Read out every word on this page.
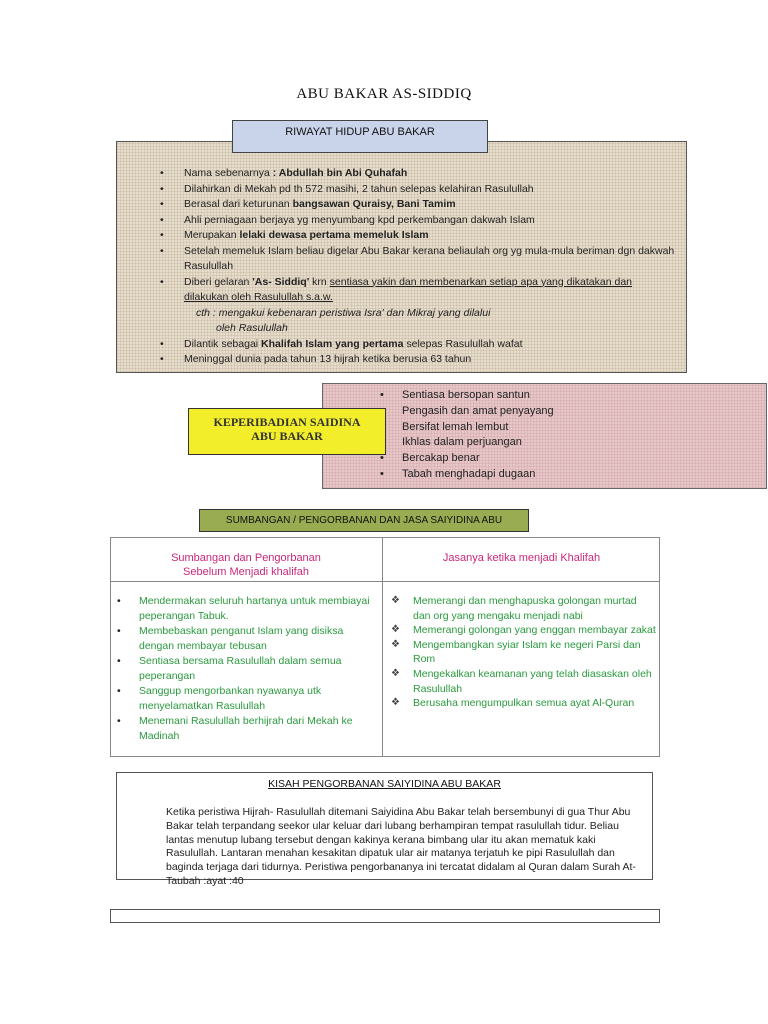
ABU BAKAR AS-SIDDIQ
RIWAYAT HIDUP ABU BAKAR
• Nama sebenarnya : Abdullah bin Abi Quhafah
• Dilahirkan di Mekah pd th 572 masihi, 2 tahun selepas kelahiran Rasulullah
• Berasal dari keturunan bangsawan Quraisy, Bani Tamim
• Ahli perniagaan berjaya yg menyumbang kpd perkembangan dakwah Islam
• Merupakan lelaki dewasa pertama memeluk Islam
• Setelah memeluk Islam beliau digelar Abu Bakar kerana beliaulah org yg mula-mula beriman dgn dakwah Rasulullah
• Diberi gelaran 'As- Siddiq' krn sentiasa yakin dan membenarkan setiap apa yang dikatakan dan
dilakukan oleh Rasulullah s.a.w.
cth : mengakui kebenaran peristiwa Isra' dan Mikraj yang dilalui
oleh Rasulullah
• Dilantik sebagai Khalifah Islam yang pertama selepas Rasulullah wafat
• Meninggal dunia pada tahun 13 hijrah ketika berusia 63 tahun
• Sentiasa bersopan santun
• Pengasih dan amat penyayang
• Bersifat lemah lembut
• Ikhlas dalam perjuangan
• Bercakap benar
• Tabah menghadapi dugaan
KEPERIBADIAN SAIDINA
ABU BAKAR
SUMBANGAN / PENGORBANAN DAN JASA SAIYIDINA ABU
Sumbangan dan Pengorbanan
Sebelum Menjadi khalifah
Jasanya ketika menjadi Khalifah
• Mendermakan seluruh hartanya untuk membiayai peperangan Tabuk.
• Membebaskan penganut Islam yang disiksa dengan membayar tebusan
• Sentiasa bersama Rasulullah dalam semua peperangan
• Sanggup mengorbankan nyawanya utk menyelamatkan Rasulullah
• Menemani Rasulullah berhijrah dari Mekah ke Madinah
❖ Memerangi dan menghapuska golongan murtad dan org yang mengaku menjadi nabi
❖ Memerangi golongan yang enggan membayar zakat
❖ Mengembangkan syiar Islam ke negeri Parsi dan Rom
❖ Mengekalkan keamanan yang telah diasaskan oleh Rasulullah
❖ Berusaha mengumpulkan semua ayat Al-Quran
KISAH PENGORBANAN SAIYIDINA ABU BAKAR
Ketika peristiwa Hijrah- Rasulullah ditemani Saiyidina Abu Bakar telah bersembunyi di gua Thur Abu Bakar telah terpandang seekor ular keluar dari lubang berhampiran tempat rasulullah tidur. Beliau lantas menutup lubang tersebut dengan kakinya kerana bimbang ular itu akan mematuk kaki Rasulullah. Lantaran menahan kesakitan dipatuk ular air matanya terjatuh ke pipi Rasulullah dan baginda terjaga dari tidurnya. Peristiwa pengorbananya ini tercatat didalam al Quran dalam Surah At- Taubah :ayat :40
